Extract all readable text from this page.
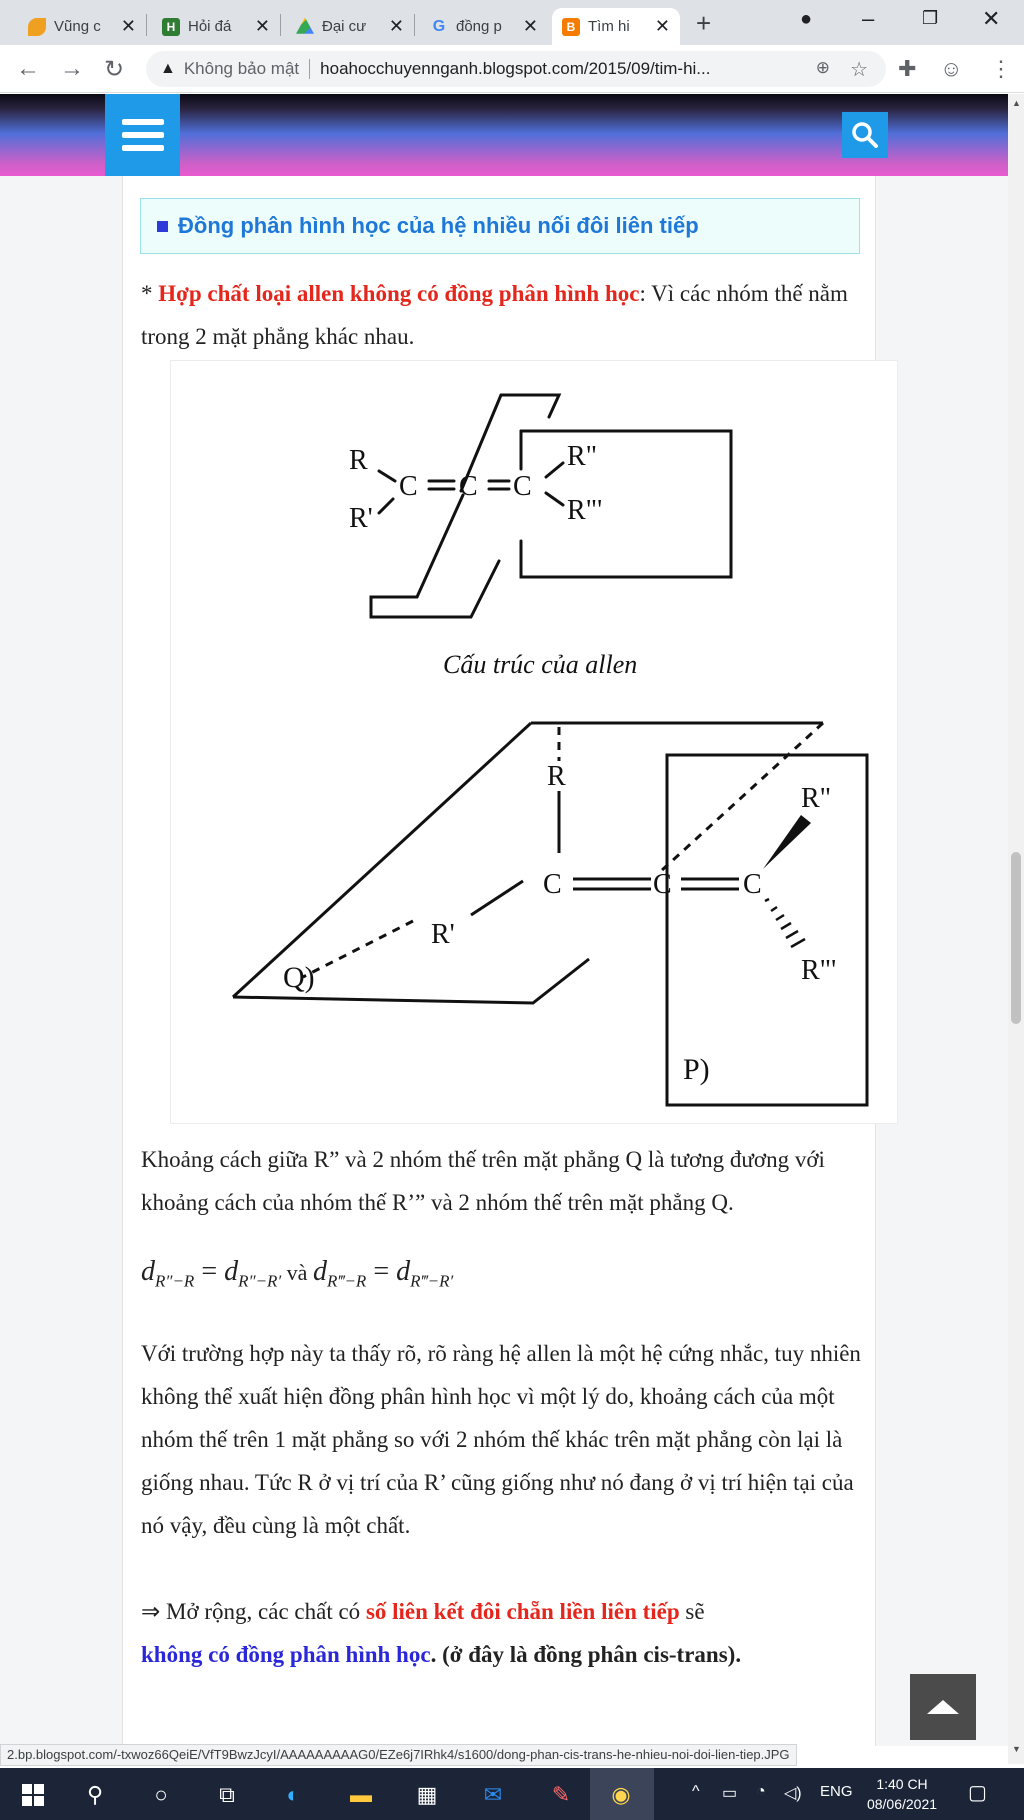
Vũng c ✕	H Hỏi đá ✕	Đại cư ✕ G đồng p ✕	B Tìm hi ✕ +	● –	❐ ✕
← → ↻ ▲ Không bảo mật hoahocchuyennganh.blogspot.com/2015/09/tim-hi...	⊕ ☆ ✚ ☺ ⋮
Đồng phân hình học của hệ nhiều nối đôi liên tiếp

* Hợp chất loại allen không có đồng phân hình học: Vì các nhóm thế nằm trong 2 mặt phẳng khác nhau.

R
R'
C C C
R"
R"'
Cấu trúc của allen
R
C	C	C
R'
R"
R"'
Q)
P)

Khoảng cách giữa R” và 2 nhóm thế trên mặt phẳng Q là tương đương với khoảng cách của nhóm thế R’” và 2 nhóm thế trên mặt phẳng Q.

$d_{R''-R} = d_{R''-R'}$ và $d_{R‴-R} = d_{R‴-R'}$

Với trường hợp này ta thấy rõ, rõ ràng hệ allen là một hệ cứng nhắc, tuy nhiên không thể xuất hiện đồng phân hình học vì một lý do, khoảng cách của một nhóm thế trên 1 mặt phẳng so với 2 nhóm thế khác trên mặt phẳng còn lại là giống nhau. Tức R ở vị trí của R’ cũng giống như nó đang ở vị trí hiện tại của nó vậy, đều cùng là một chất.

⇒ Mở rộng, các chất có số liên kết đôi chẵn liền liên tiếp sẽ
không có đồng phân hình học. (ở đây là đồng phân cis-trans).

▲
▼
2.bp.blogspot.com/-txwoz66QeiE/VfT9BwzJcyI/AAAAAAAAAG0/EZe6j7IRhk4/s1600/dong-phan-cis-trans-he-nhieu-noi-doi-lien-tiep.JPG
⚲	○	⧉	◐	▬ ▦ ✉ ✎ ◉	^ ▭ ◔ ◁) ENG	1:40 CH
08/06/2021 ▢
